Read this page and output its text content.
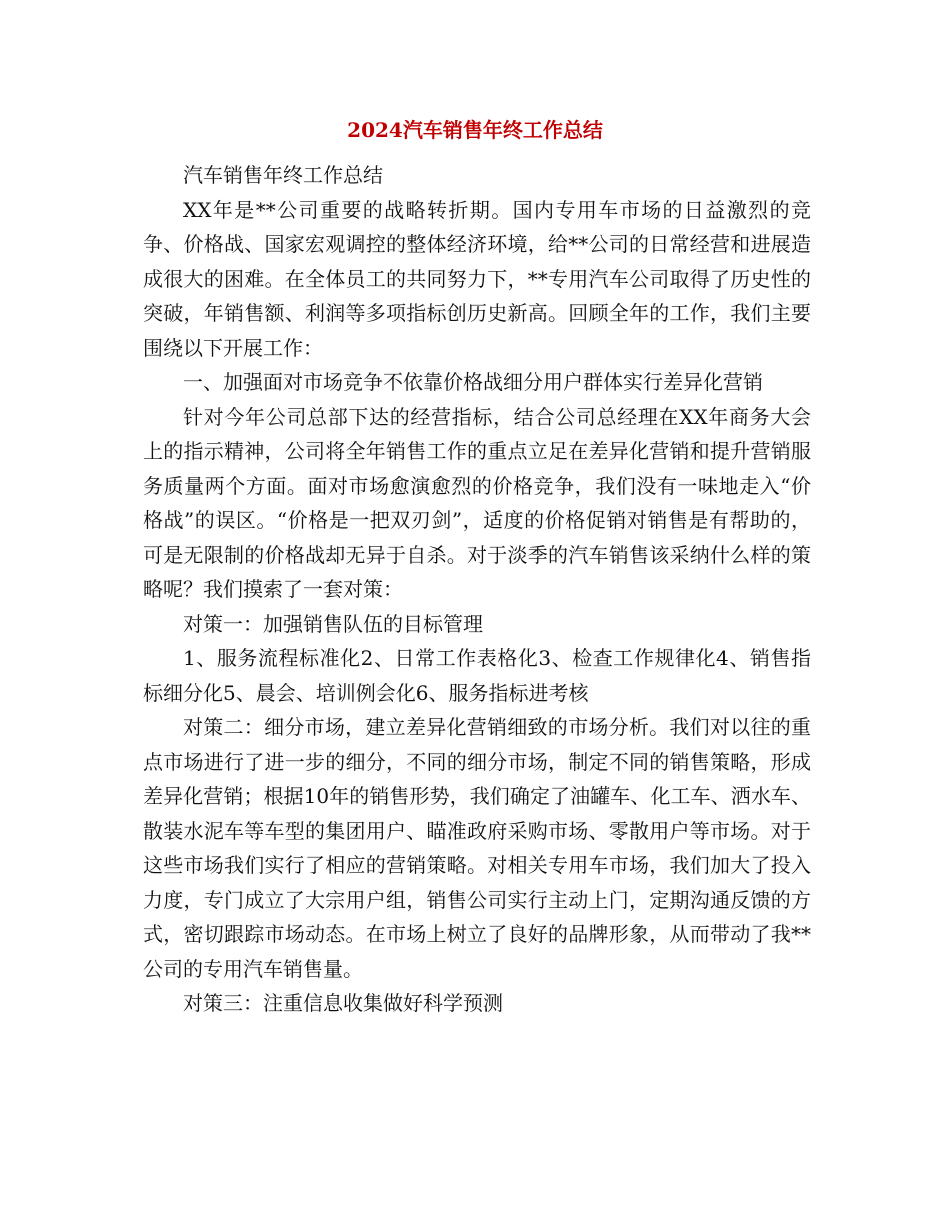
2024汽车销售年终工作总结

汽车销售年终工作总结

XX年是**公司重要的战略转折期。国内专用车市场的日益激烈的竞争、价格战、国家宏观调控的整体经济环境，给**公司的日常经营和进展造成很大的困难。在全体员工的共同努力下，**专用汽车公司取得了历史性的突破，年销售额、利润等多项指标创历史新高。回顾全年的工作，我们主要围绕以下开展工作：

一、加强面对市场竞争不依靠价格战细分用户群体实行差异化营销

针对今年公司总部下达的经营指标，结合公司总经理在XX年商务大会上的指示精神，公司将全年销售工作的重点立足在差异化营销和提升营销服务质量两个方面。面对市场愈演愈烈的价格竞争，我们没有一味地走入“价格战”的误区。“价格是一把双刃剑”，适度的价格促销对销售是有帮助的，可是无限制的价格战却无异于自杀。对于淡季的汽车销售该采纳什么样的策略呢？我们摸索了一套对策：

对策一：加强销售队伍的目标管理

1、服务流程标准化2、日常工作表格化3、检查工作规律化4、销售指标细分化5、晨会、培训例会化6、服务指标进考核

对策二：细分市场，建立差异化营销细致的市场分析。我们对以往的重点市场进行了进一步的细分，不同的细分市场，制定不同的销售策略，形成差异化营销；根据10年的销售形势，我们确定了油罐车、化工车、洒水车、散装水泥车等车型的集团用户、瞄准政府采购市场、零散用户等市场。对于这些市场我们实行了相应的营销策略。对相关专用车市场，我们加大了投入力度，专门成立了大宗用户组，销售公司实行主动上门，定期沟通反馈的方式，密切跟踪市场动态。在市场上树立了良好的品牌形象，从而带动了我**公司的专用汽车销售量。

对策三：注重信息收集做好科学预测
